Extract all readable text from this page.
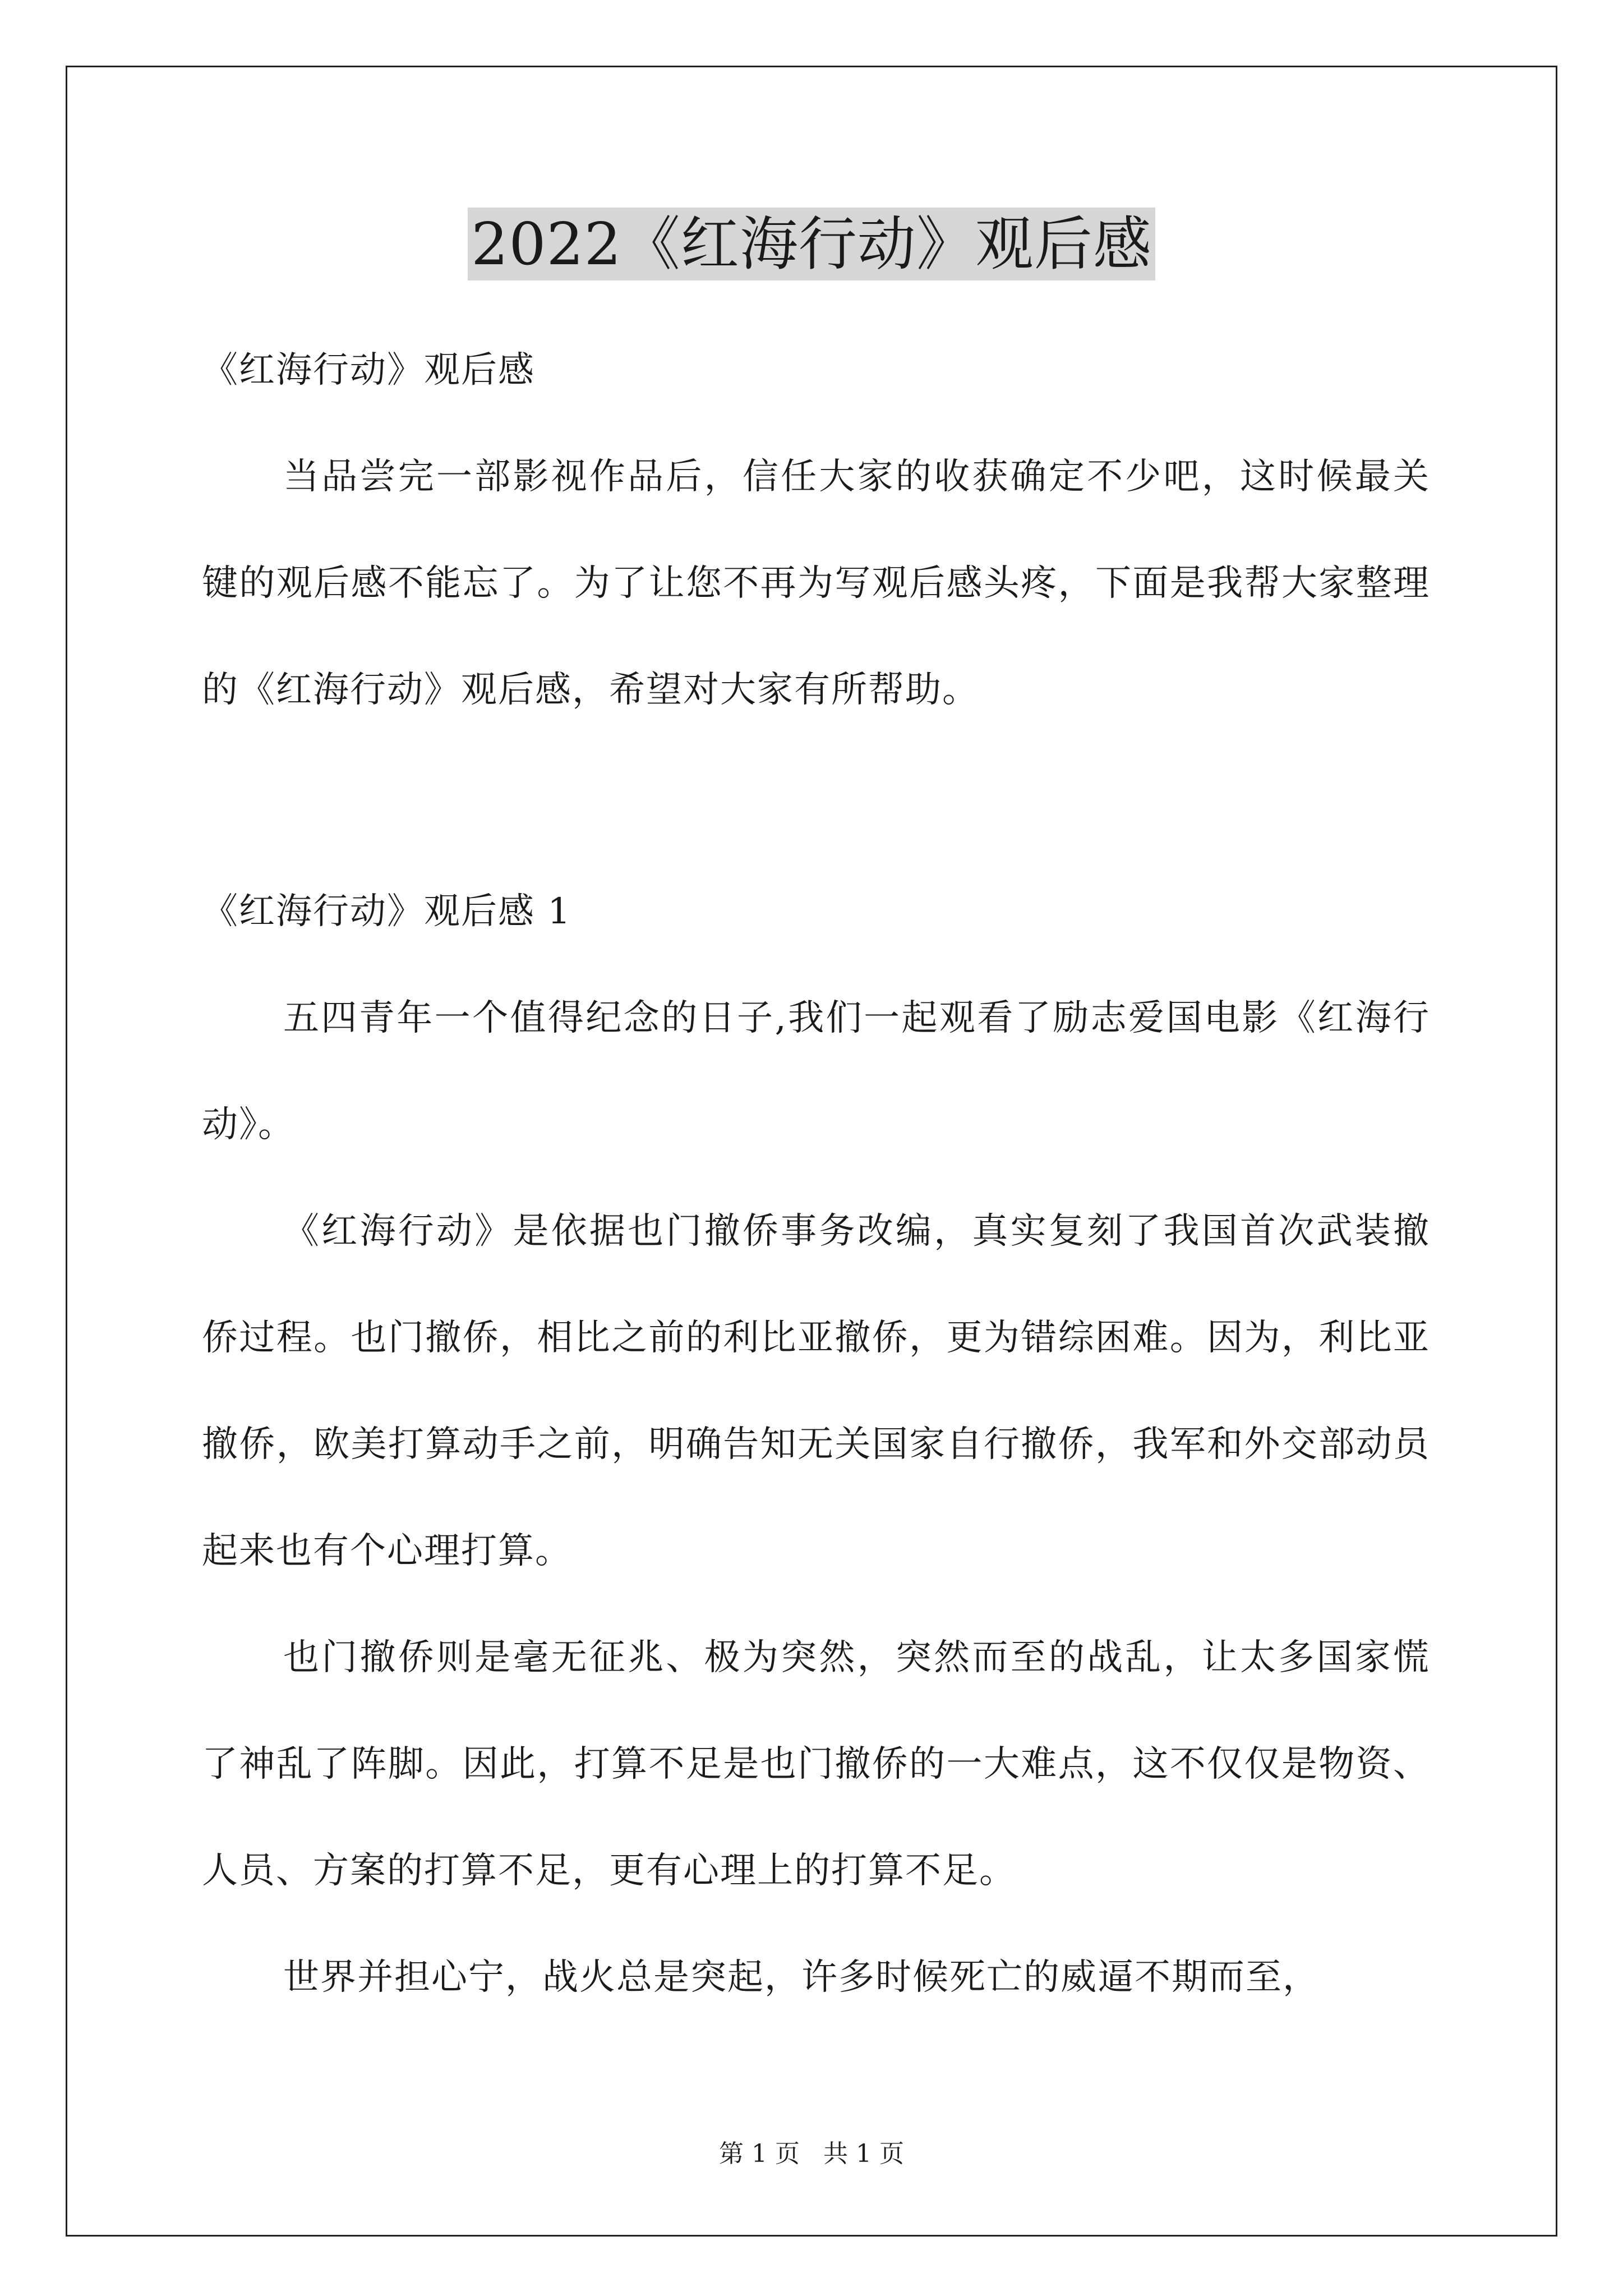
2022《红海行动》观后感

《红海行动》观后感

当品尝完一部影视作品后，信任大家的收获确定不少吧，这时候最关键的观后感不能忘了。为了让您不再为写观后感头疼，下面是我帮大家整理的《红海行动》观后感，希望对大家有所帮助。

《红海行动》观后感 1

五四青年一个值得纪念的日子,我们一起观看了励志爱国电影《红海行动》。

《红海行动》是依据也门撤侨事务改编，真实复刻了我国首次武装撤侨过程。也门撤侨，相比之前的利比亚撤侨，更为错综困难。因为，利比亚撤侨，欧美打算动手之前，明确告知无关国家自行撤侨，我军和外交部动员起来也有个心理打算。

也门撤侨则是毫无征兆、极为突然，突然而至的战乱，让太多国家慌了神乱了阵脚。因此，打算不足是也门撤侨的一大难点，这不仅仅是物资、人员、方案的打算不足，更有心理上的打算不足。

世界并担心宁，战火总是突起，许多时候死亡的威逼不期而至，

第 1 页 共 1 页
